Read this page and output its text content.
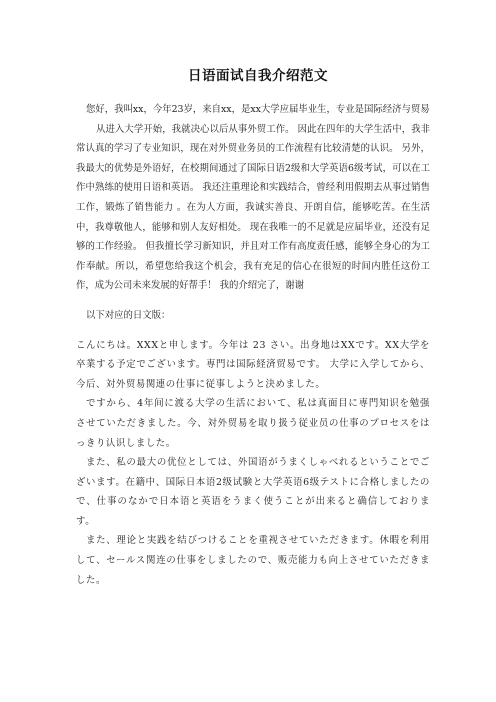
日语面试自我介绍范文

您好，我叫xx，今年23岁，来自xx，是xx大学应届毕业生，专业是国际经济与贸易

从进入大学开始，我就决心以后从事外贸工作。 因此在四年的大学生活中，我非常认真的学习了专业知识，现在对外贸业务员的工作流程有比较清楚的认识。 另外，我最大的优势是外语好，在校期间通过了国际日语2级和大学英语6级考试，可以在工作中熟练的使用日语和英语。 我还注重理论和实践结合，曾经利用假期去从事过销售工作，锻炼了销售能力 。在为人方面，我诚实善良、开朗自信，能够吃苦。在生活中，我尊敬他人，能够和别人友好相处。 现在我唯一的不足就是应届毕业，还没有足够的工作经验。 但我擅长学习新知识，并且对工作有高度责任感，能够全身心的为工作奉献。所以，希望您给我这个机会，我有充足的信心在很短的时间内胜任这份工作，成为公司未来发展的好帮手！ 我的介绍完了，谢谢

以下对应的日文版：

こんにちは。XXXと申します。今年は 23 さい。出身地はXXです。XX大学を卒業する予定でございます。専門は国际経済贸易です。 大学に入学してから、今后、対外贸易関連の仕事に従事しようと決めました。

ですから、4年间に渡る大学の生活において、私は真面目に専門知识を勉强させていただきました。今、対外贸易を取り扱う従业员の仕事のプロセスをはっきり认识しました。

また、私の最大の优位としては、外国语がうまくしゃべれるということでございます。在籍中、国际日本语2级试験と大学英语6级テストに合格しましたので、仕事のなかで日本语と英语をうまく使うことが出来ると确信しております。

また、理论と実践を结びつけることを重视させていただきます。休暇を利用して、セールス関连の仕事をしましたので、贩売能力も向上させていただきました。
